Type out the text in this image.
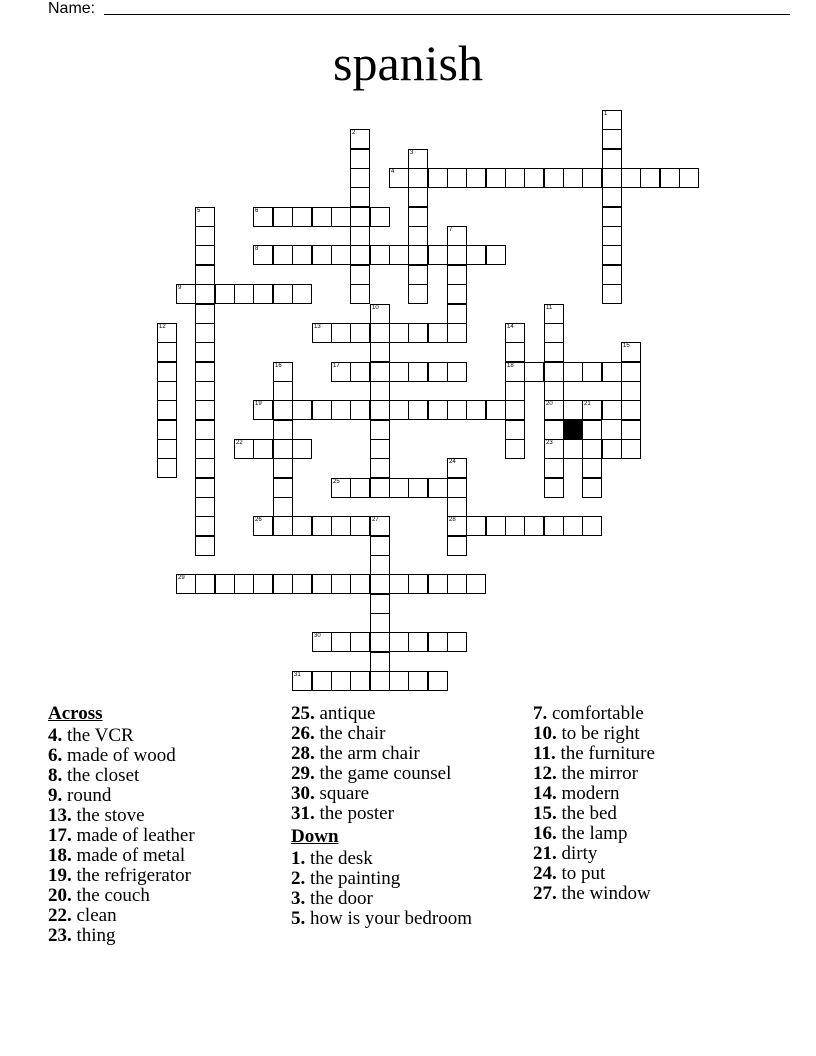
Name:
spanish
1
2
3
4
5	6
7
8
9
10	11
20
23
12	13	14
18
15
16	17
19	21
22
24
28
25
26	27
29
30
31
Across
4. the VCR
6. made of wood
8. the closet
9. round
13. the stove
17. made of leather
18. made of metal
19. the refrigerator
20. the couch
22. clean
23. thing
25. antique
26. the chair
28. the arm chair
29. the game counsel
30. square
31. the poster
Down
1. the desk
2. the painting
3. the door
5. how is your bedroom
7. comfortable
10. to be right
11. the furniture
12. the mirror
14. modern
15. the bed
16. the lamp
21. dirty
24. to put
27. the window
